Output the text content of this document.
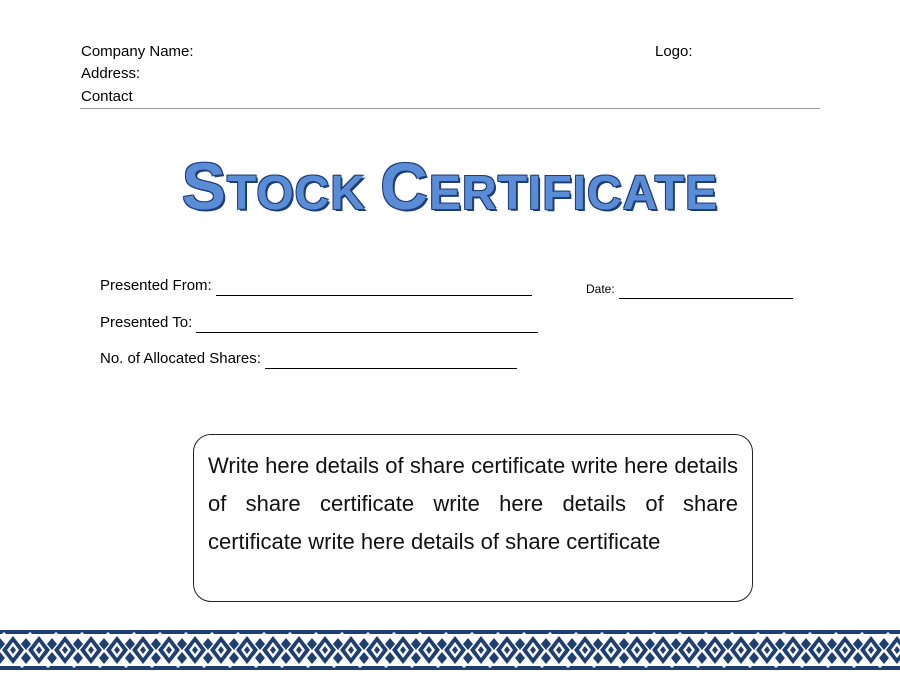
Company Name:
Address:
Contact
Logo:
STOCK CERTIFICATE
Presented From:
Presented To:
No. of Allocated Shares:
Date:
Write here details of share certificate write here details of share certificate write here details of share certificate write here details of share certificate
